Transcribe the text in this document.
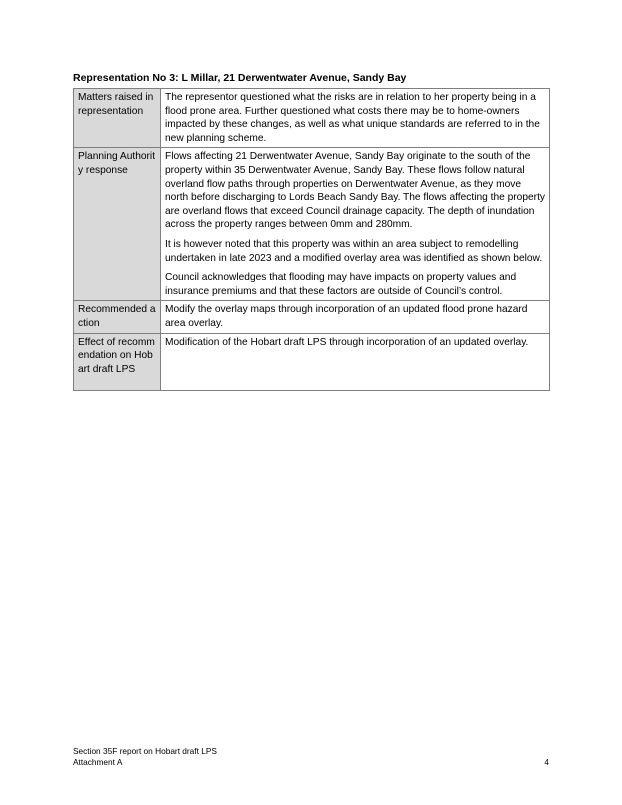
Representation No 3: L Millar, 21 Derwentwater Avenue, Sandy Bay
Matters raised in representation	The representor questioned what the risks are in relation to her property being in a flood prone area. Further questioned what costs there may be to home-owners impacted by these changes, as well as what unique standards are referred to in the new planning scheme.

Planning Authority response	Flows affecting 21 Derwentwater Avenue, Sandy Bay originate to the south of the property within 35 Derwentwater Avenue, Sandy Bay. These flows follow natural overland flow paths through properties on Derwentwater Avenue, as they move north before discharging to Lords Beach Sandy Bay. The flows affecting the property are overland flows that exceed Council drainage capacity. The depth of inundation across the property ranges between 0mm and 280mm.

It is however noted that this property was within an area subject to remodelling undertaken in late 2023 and a modified overlay area was identified as shown below.

Council acknowledges that flooding may have impacts on property values and insurance premiums and that these factors are outside of Council’s control.

Recommended action	Modify the overlay maps through incorporation of an updated flood prone hazard area overlay.

Effect of recommendation on Hobart draft LPS	Modification of the Hobart draft LPS through incorporation of an updated overlay.

Section 35F report on Hobart draft LPS
Attachment A	4
